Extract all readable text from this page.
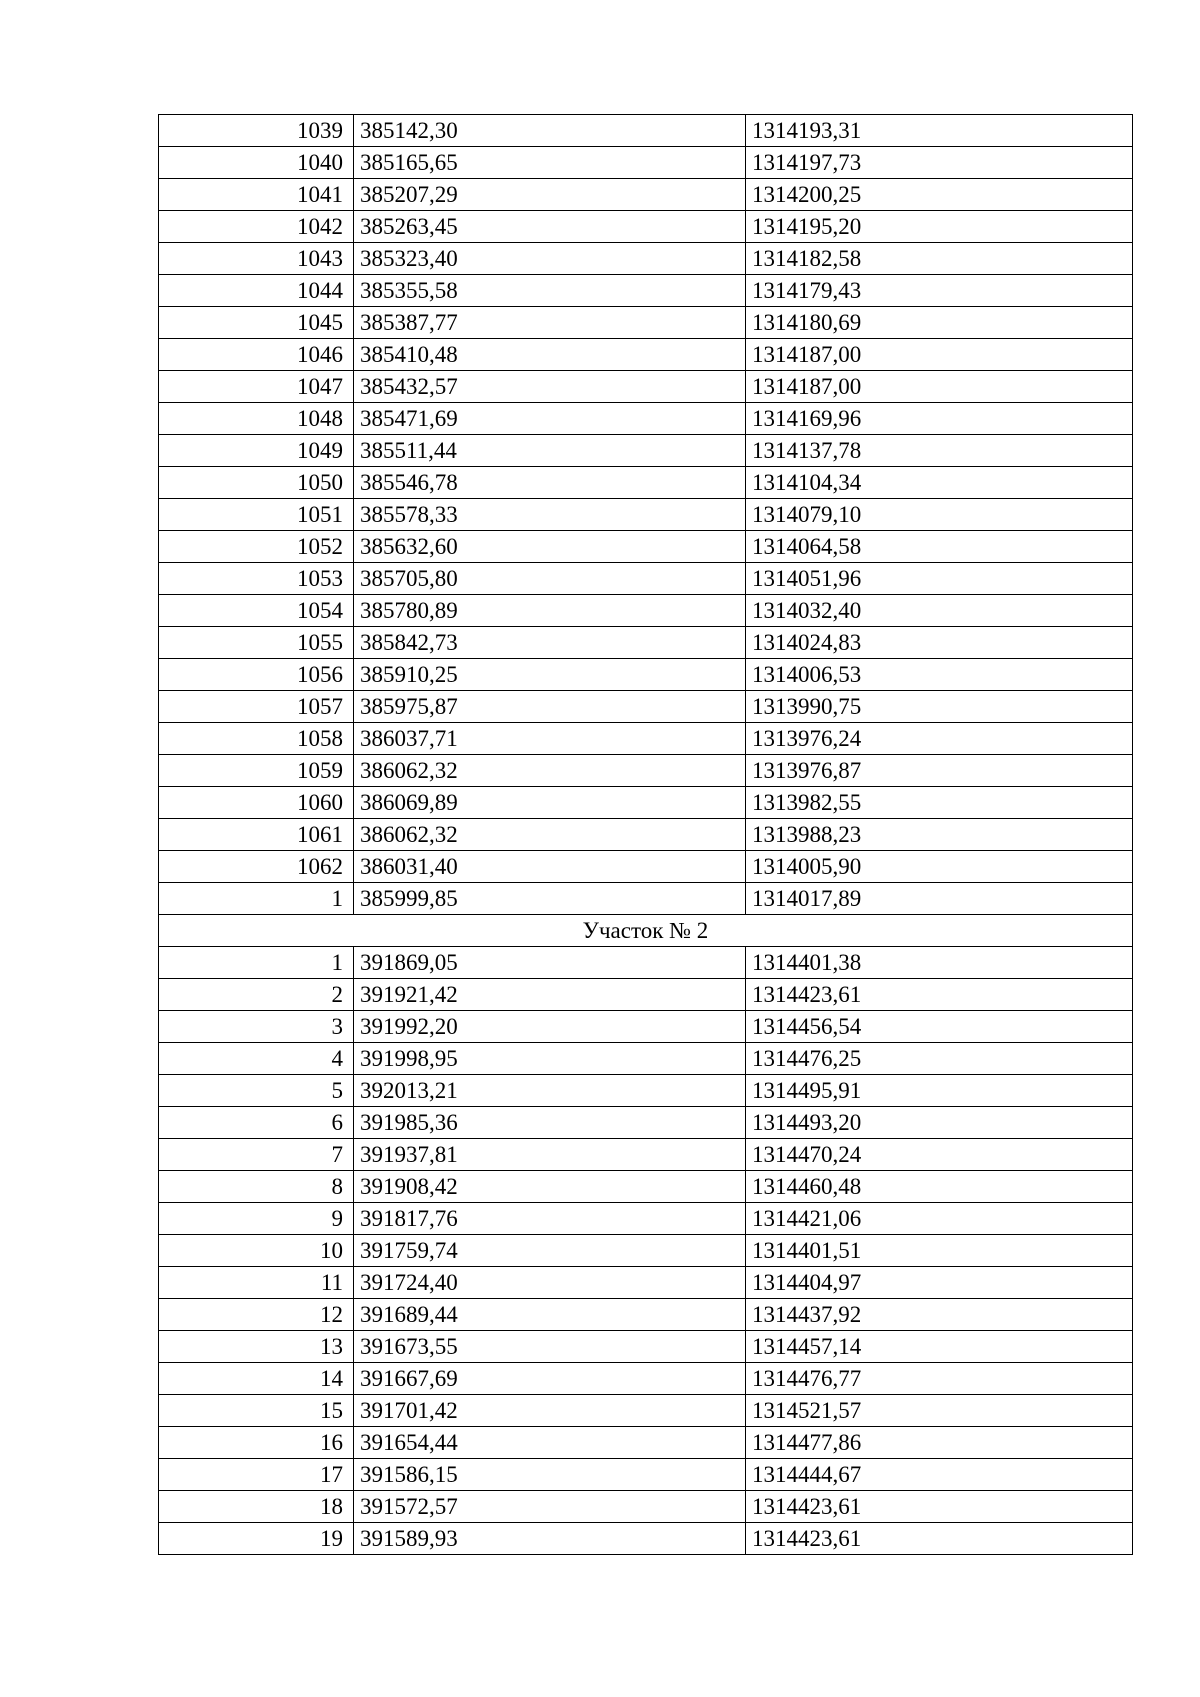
1039	385142,30	1314193,31
1040	385165,65	1314197,73
1041	385207,29	1314200,25
1042	385263,45	1314195,20
1043	385323,40	1314182,58
1044	385355,58	1314179,43
1045	385387,77	1314180,69
1046	385410,48	1314187,00
1047	385432,57	1314187,00
1048	385471,69	1314169,96
1049	385511,44	1314137,78
1050	385546,78	1314104,34
1051	385578,33	1314079,10
1052	385632,60	1314064,58
1053	385705,80	1314051,96
1054	385780,89	1314032,40
1055	385842,73	1314024,83
1056	385910,25	1314006,53
1057	385975,87	1313990,75
1058	386037,71	1313976,24
1059	386062,32	1313976,87
1060	386069,89	1313982,55
1061	386062,32	1313988,23
1062	386031,40	1314005,90
1	385999,85	1314017,89
Участок № 2		
1	391869,05	1314401,38
2	391921,42	1314423,61
3	391992,20	1314456,54
4	391998,95	1314476,25
5	392013,21	1314495,91
6	391985,36	1314493,20
7	391937,81	1314470,24
8	391908,42	1314460,48
9	391817,76	1314421,06
10	391759,74	1314401,51
11	391724,40	1314404,97
12	391689,44	1314437,92
13	391673,55	1314457,14
14	391667,69	1314476,77
15	391701,42	1314521,57
16	391654,44	1314477,86
17	391586,15	1314444,67
18	391572,57	1314423,61
19	391589,93	1314423,61
